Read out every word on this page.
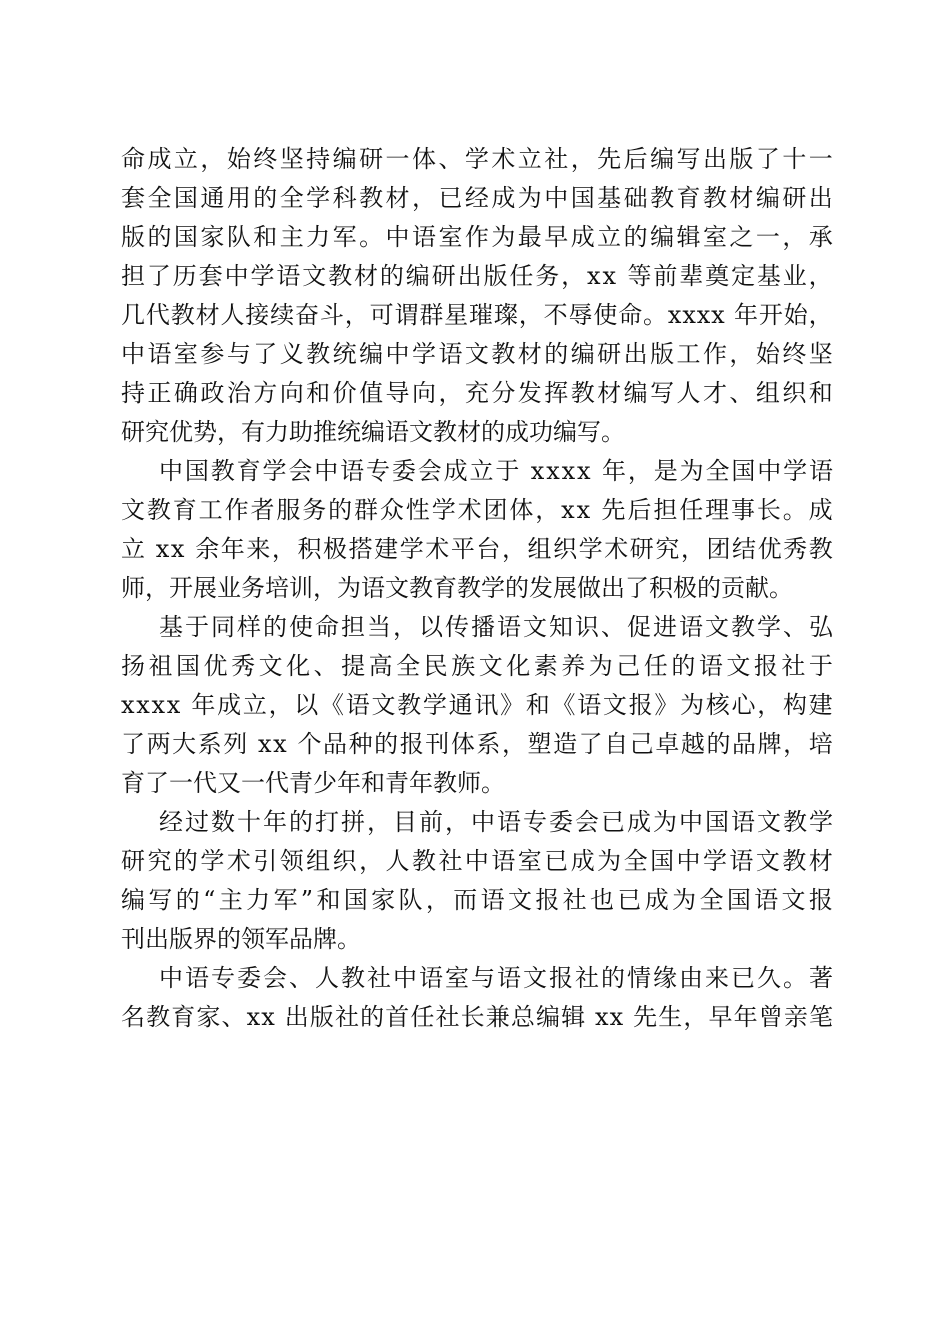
命 成 立 ， 始 终 坚 持 编 研 一 体 、 学 术 立 社 ， 先 后 编 写 出 版 了 十 一
套 全 国 通 用 的 全 学 科 教 材 ， 已 经 成 为 中 国 基 础 教 育 教 材 编 研 出
版 的 国 家 队 和 主 力 军 。 中 语 室 作 为 最 早 成 立 的 编 辑 室 之 一 ， 承
担 了 历 套 中 学 语 文 教 材 的 编 研 出 版 任 务 ， x x
等 前 辈 奠 定 基 业 ，
几 代 教 材 人 接 续 奋 斗 ， 可 谓 群 星 璀 璨 ， 不 辱 使 命 。 x x x x
年 开 始 ，
中 语 室 参 与 了 义 教 统 编 中 学 语 文 教 材 的 编 研 出 版 工 作 ， 始 终 坚
持 正 确 政 治 方 向 和 价 值 导 向 ， 充 分 发 挥 教 材 编 写 人 才 、 组 织 和
研究优势，有力助推统编语文教材的成功编写。
中 国 教 育 学 会 中 语 专 委 会 成 立 于
x x x x
年 ， 是 为 全 国 中 学 语
文 教 育 工 作 者 服 务 的 群 众 性 学 术 团 体 ， x x
先 后 担 任 理 事 长 。 成
立
x x
余 年 来 ， 积 极 搭 建 学 术 平 台 ， 组 织 学 术 研 究 ， 团 结 优 秀 教
师，开展业务培训，为语文教育教学的发展做出了积极的贡献。
基 于 同 样 的 使 命 担 当 ， 以 传 播 语 文 知 识 、 促 进 语 文 教 学 、 弘
扬 祖 国 优 秀 文 化 、 提 高 全 民 族 文 化 素 养 为 己 任 的 语 文 报 社 于
x x x x
年 成 立 ， 以 《 语 文 教 学 通 讯 》 和 《 语 文 报 》 为 核 心 ， 构 建
了 两 大 系 列
x x
个 品 种 的 报 刊 体 系 ， 塑 造 了 自 己 卓 越 的 品 牌 ， 培
育了一代又一代青少年和青年教师。
经 过 数 十 年 的 打 拼 ， 目 前 ， 中 语 专 委 会 已 成 为 中 国 语 文 教 学
研 究 的 学 术 引 领 组 织 ， 人 教 社 中 语 室 已 成 为 全 国 中 学 语 文 教 材
编 写 的 “ 主 力 军 ” 和 国 家 队 ， 而 语 文 报 社 也 已 成 为 全 国 语 文 报
刊出版界的领军品牌。
中 语 专 委 会 、 人 教 社 中 语 室 与 语 文 报 社 的 情 缘 由 来 已 久 。 著
名 教 育 家 、 x x
出 版 社 的 首 任 社 长 兼 总 编 辑
x x
先 生 ， 早 年 曾 亲 笔
